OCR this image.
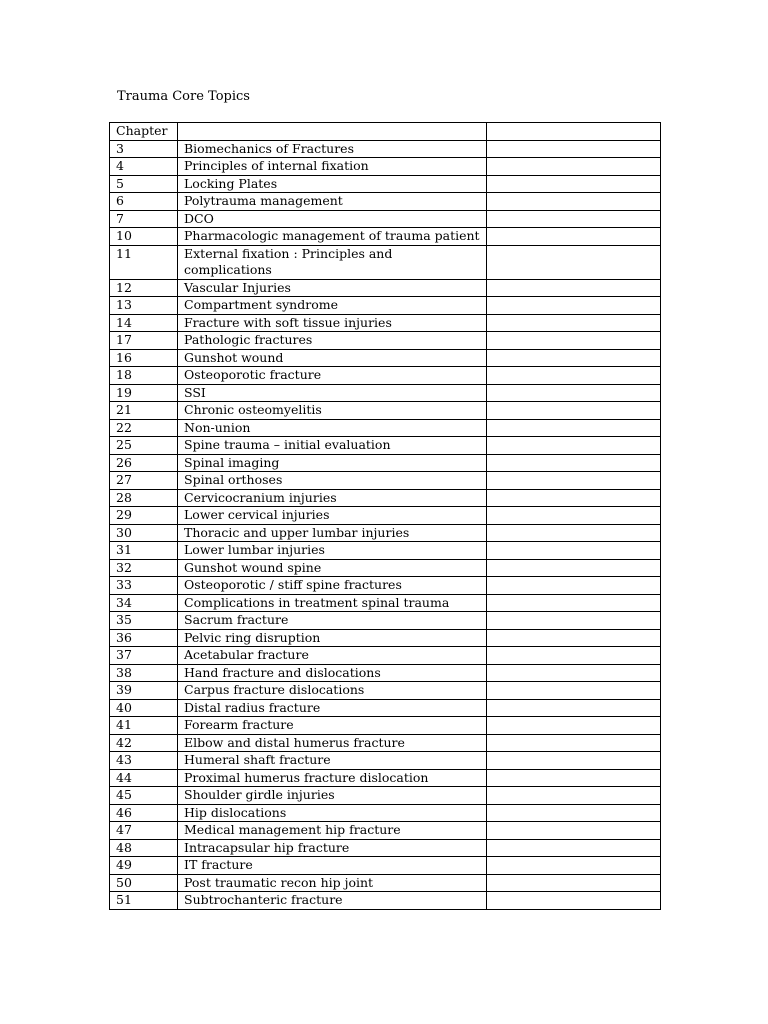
Trauma Core Topics
Chapter		
3	Biomechanics of Fractures	
4	Principles of internal fixation	
5	Locking Plates	
6	Polytrauma management	
7	DCO	
10	Pharmacologic management of trauma patient	
11	External fixation : Principles and complications	
12	Vascular Injuries	
13	Compartment syndrome	
14	Fracture with soft tissue injuries	
17	Pathologic fractures	
16	Gunshot wound	
18	Osteoporotic fracture	
19	SSI	
21	Chronic osteomyelitis	
22	Non-union	
25	Spine trauma – initial evaluation	
26	Spinal imaging	
27	Spinal orthoses	
28	Cervicocranium injuries	
29	Lower cervical injuries	
30	Thoracic and upper lumbar injuries	
31	Lower lumbar injuries	
32	Gunshot wound spine	
33	Osteoporotic / stiff spine fractures	
34	Complications in treatment spinal trauma	
35	Sacrum fracture	
36	Pelvic ring disruption	
37	Acetabular fracture	
38	Hand fracture and dislocations	
39	Carpus fracture dislocations	
40	Distal radius fracture	
41	Forearm fracture	
42	Elbow and distal humerus fracture	
43	Humeral shaft fracture	
44	Proximal humerus fracture dislocation	
45	Shoulder girdle injuries	
46	Hip dislocations	
47	Medical management hip fracture	
48	Intracapsular hip fracture	
49	IT fracture	
50	Post traumatic recon hip joint	
51	Subtrochanteric fracture	
